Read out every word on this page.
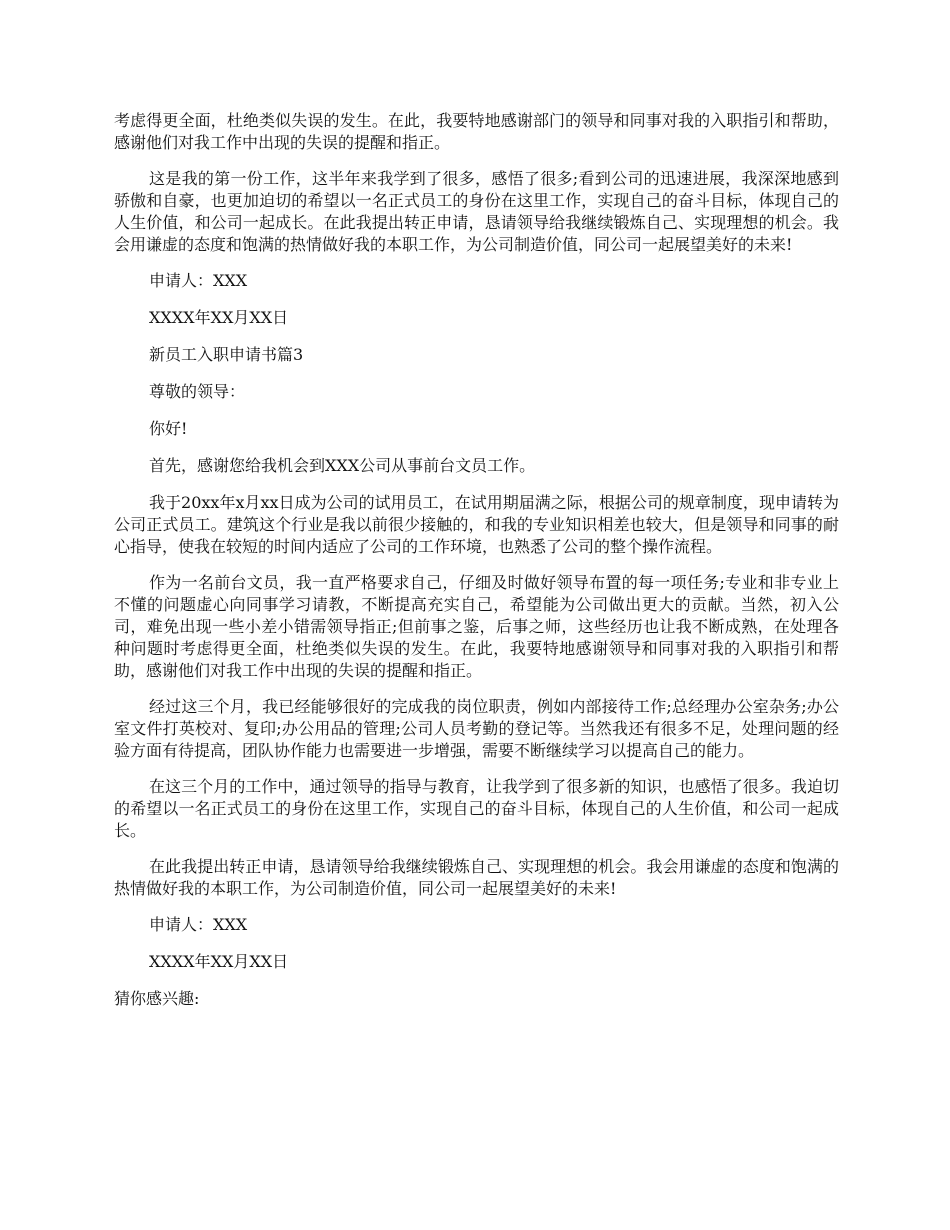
考虑得更全面，杜绝类似失误的发生。在此，我要特地感谢部门的领导和同事对我的入职指引和帮助，感谢他们对我工作中出现的失误的提醒和指正。

这是我的第一份工作，这半年来我学到了很多，感悟了很多;看到公司的迅速进展，我深深地感到骄傲和自豪，也更加迫切的希望以一名正式员工的身份在这里工作，实现自己的奋斗目标，体现自己的人生价值，和公司一起成长。在此我提出转正申请，恳请领导给我继续锻炼自己、实现理想的机会。我会用谦虚的态度和饱满的热情做好我的本职工作，为公司制造价值，同公司一起展望美好的未来!

申请人：XXX

XXXX年XX月XX日

新员工入职申请书篇3

尊敬的领导：

你好!

首先，感谢您给我机会到XXX公司从事前台文员工作。

我于20xx年x月xx日成为公司的试用员工，在试用期届满之际，根据公司的规章制度，现申请转为公司正式员工。建筑这个行业是我以前很少接触的，和我的专业知识相差也较大，但是领导和同事的耐心指导，使我在较短的时间内适应了公司的工作环境，也熟悉了公司的整个操作流程。

作为一名前台文员，我一直严格要求自己，仔细及时做好领导布置的每一项任务;专业和非专业上不懂的问题虚心向同事学习请教，不断提高充实自己，希望能为公司做出更大的贡献。当然，初入公司，难免出现一些小差小错需领导指正;但前事之鉴，后事之师，这些经历也让我不断成熟，在处理各种问题时考虑得更全面，杜绝类似失误的发生。在此，我要特地感谢领导和同事对我的入职指引和帮助，感谢他们对我工作中出现的失误的提醒和指正。

经过这三个月，我已经能够很好的完成我的岗位职责，例如内部接待工作;总经理办公室杂务;办公室文件打英校对、复印;办公用品的管理;公司人员考勤的登记等。当然我还有很多不足，处理问题的经验方面有待提高，团队协作能力也需要进一步增强，需要不断继续学习以提高自己的能力。

在这三个月的工作中，通过领导的指导与教育，让我学到了很多新的知识，也感悟了很多。我迫切的希望以一名正式员工的身份在这里工作，实现自己的奋斗目标，体现自己的人生价值，和公司一起成长。

在此我提出转正申请，恳请领导给我继续锻炼自己、实现理想的机会。我会用谦虚的态度和饱满的热情做好我的本职工作，为公司制造价值，同公司一起展望美好的未来!

申请人：XXX

XXXX年XX月XX日

猜你感兴趣:
